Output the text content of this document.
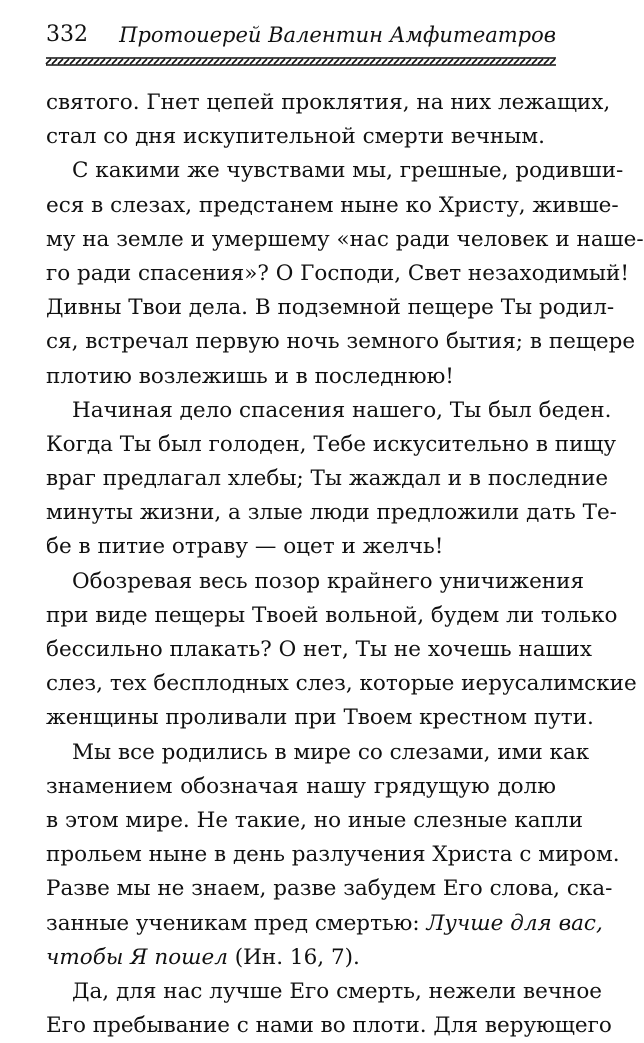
332 Протоиерей Валентин Амфитеатров
святого. Гнет цепей проклятия, на них лежащих,
стал со дня искупительной смерти вечным.
С какими же чувствами мы, грешные, родивши-
еся в слезах, предстанем ныне ко Христу, жившe-
му на земле и умершему «нас ради человек и наше-
го ради спасения»? О Господи, Свет незаходимый!
Дивны Твои дела. В подземной пещере Ты родил-
ся, встречал первую ночь земного бытия; в пещере
плотию возлежишь и в последнюю!
Начиная дело спасения нашего, Ты был беден.
Когда Ты был голоден, Тебе искусительно в пищу
враг предлагал хлебы; Ты жаждал и в последние
минуты жизни, а злые люди предложили дать Те-
бе в питие отраву — оцет и желчь!
Обозревая весь позор крайнего уничижения
при виде пещеры Твоей вольной, будем ли только
бессильно плакать? О нет, Ты не хочешь наших
слез, тех бесплодных слез, которые иерусалимские
женщины проливали при Твоем крестном пути.
Мы все родились в мире со слезами, ими как
знамением обозначая нашу грядущую долю
в этом мире. Не такие, но иные слезные капли
прольем ныне в день разлучения Христа с миром.
Разве мы не знаем, разве забудем Его слова, ска-
занные ученикам пред смертью: Лучше для вас,
чтобы Я пошел (Ин. 16, 7).
Да, для нас лучше Его смерть, нежели вечное
Его пребывание с нами во плоти. Для верующего
